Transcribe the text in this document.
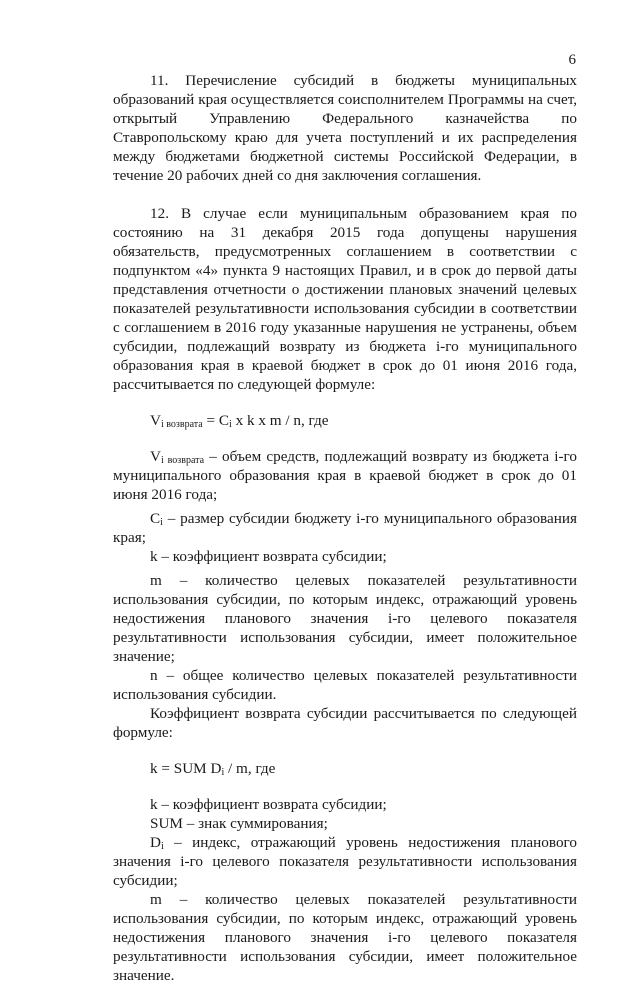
6

11. Перечисление субсидий в бюджеты муниципальных образований края осуществляется соисполнителем Программы на счет, открытый Управлению Федерального казначейства по Ставропольскому краю для учета поступлений и их распределения между бюджетами бюджетной системы Российской Федерации, в течение 20 рабочих дней со дня заключения соглашения.

12. В случае если муниципальным образованием края по состоянию на 31 декабря 2015 года допущены нарушения обязательств, предусмотренных соглашением в соответствии с подпунктом «4» пункта 9 настоящих Правил, и в срок до первой даты представления отчетности о достижении плановых значений целевых показателей результативности использования субсидии в соответствии с соглашением в 2016 году указанные нарушения не устранены, объем субсидии, подлежащий возврату из бюджета i-го муниципального образования края в краевой бюджет в срок до 01 июня 2016 года, рассчитывается по следующей формуле:

$V_{i возврата} = C_i$ x k x m / n, где

$V_{i возврата}$ – объем средств, подлежащий возврату из бюджета i-го муниципального образования края в краевой бюджет в срок до 01 июня 2016 года;

$C_i$ – размер субсидии бюджету i-го муниципального образования края;

k – коэффициент возврата субсидии;

m – количество целевых показателей результативности использования субсидии, по которым индекс, отражающий уровень недостижения планового значения i-го целевого показателя результативности использования субсидии, имеет положительное значение;

n – общее количество целевых показателей результативности использования субсидии.

Коэффициент возврата субсидии рассчитывается по следующей формуле:

k = SUM $D_i$ / m, где

k – коэффициент возврата субсидии;

SUM – знак суммирования;

$D_i$ – индекс, отражающий уровень недостижения планового значения i-го целевого показателя результативности использования субсидии;

m – количество целевых показателей результативности использования субсидии, по которым индекс, отражающий уровень недостижения планового значения i-го целевого показателя результативности использования субсидии, имеет положительное значение.
